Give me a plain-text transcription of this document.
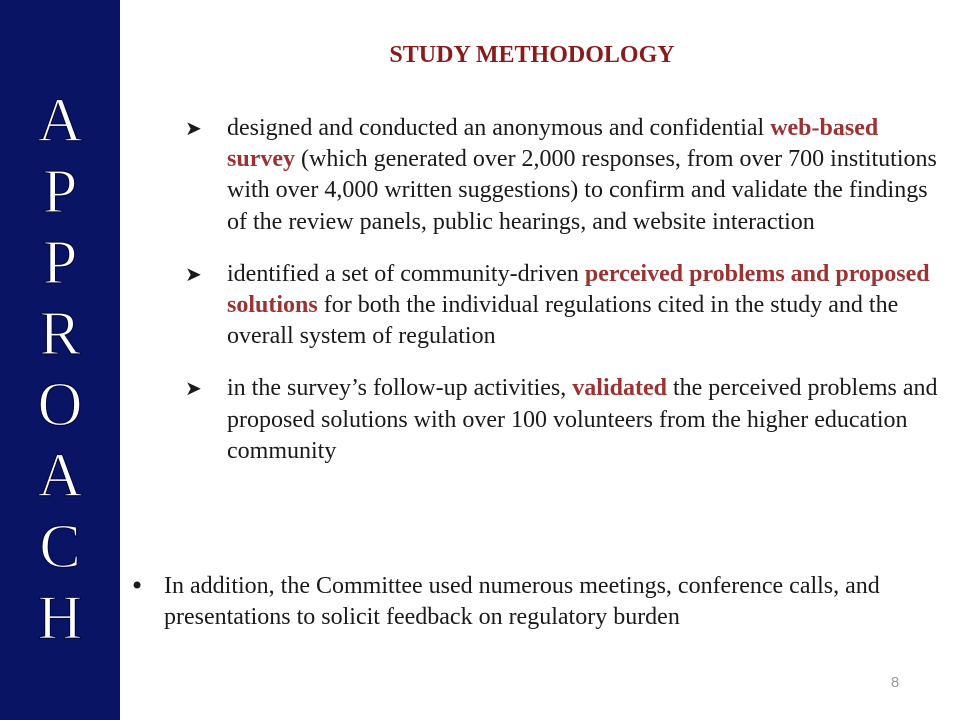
A
P
P
R
O
A
C
H
STUDY METHODOLOGY
➤ designed and conducted an anonymous and confidential web-based survey (which generated over 2,000 responses, from over 700 institutions with over 4,000 written suggestions) to confirm and validate the findings of the review panels, public hearings, and website interaction
➤ identified a set of community-driven perceived problems and proposed solutions for both the individual regulations cited in the study and the overall system of regulation
➤ in the survey’s follow-up activities, validated the perceived problems and proposed solutions with over 100 volunteers from the higher education community
• In addition, the Committee used numerous meetings, conference calls, and presentations to solicit feedback on regulatory burden
8
